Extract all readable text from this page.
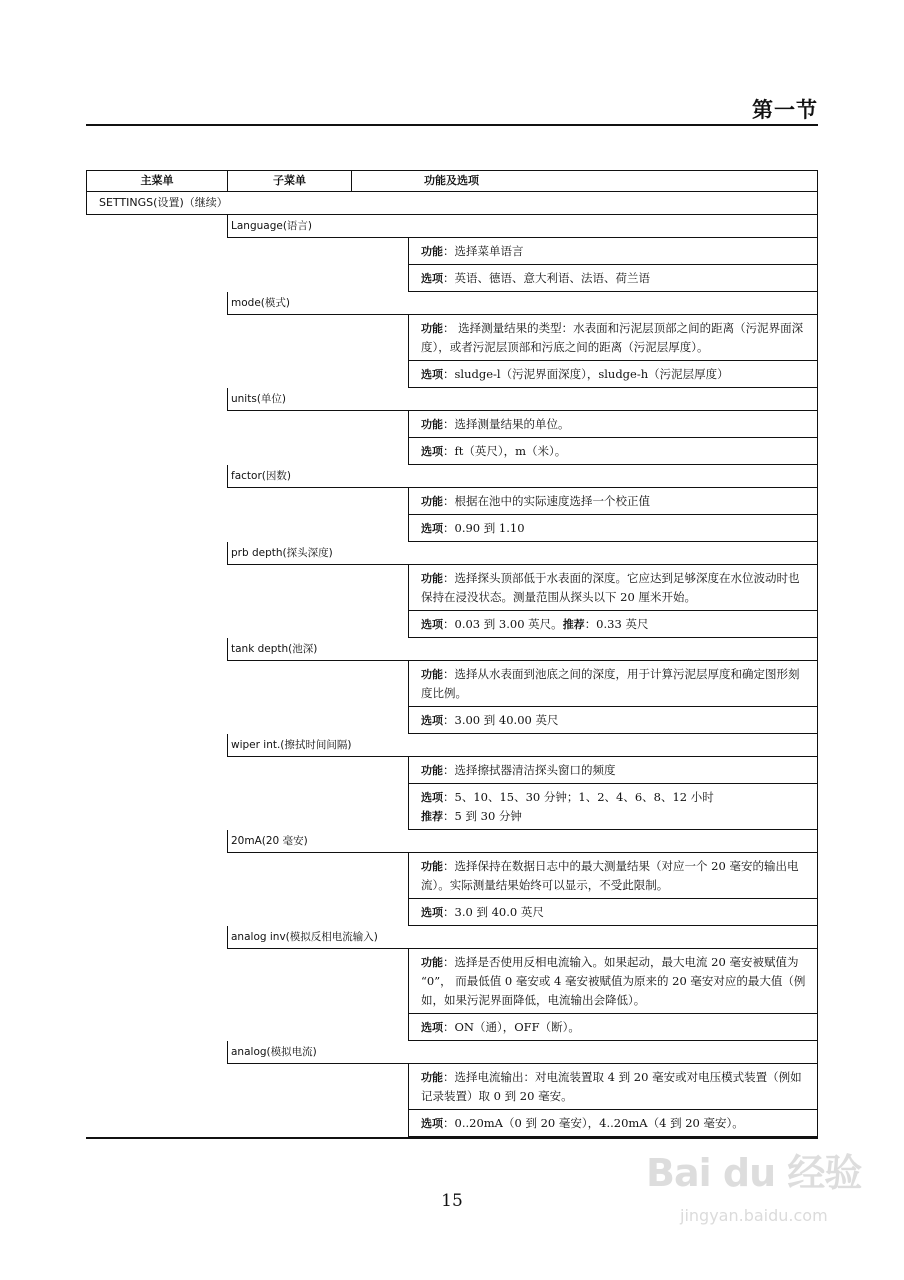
第一节
主菜单	子菜单	功能及选项
SETTINGS(设置)（继续）
Language(语言)
功能：选择菜单语言
选项：英语、德语、意大利语、法语、荷兰语
mode(模式)
功能： 选择测量结果的类型：水表面和污泥层顶部之间的距离（污泥界面深度），或者污泥层顶部和污底之间的距离（污泥层厚度）。
选项：sludge-l（污泥界面深度），sludge-h（污泥层厚度）
units(单位)
功能：选择测量结果的单位。
选项：ft（英尺），m（米）。
factor(因数)
功能：根据在池中的实际速度选择一个校正值
选项：0.90 到 1.10
prb depth(探头深度)
功能：选择探头顶部低于水表面的深度。它应达到足够深度在水位波动时也保持在浸没状态。测量范围从探头以下 20 厘米开始。
选项：0.03 到 3.00 英尺。推荐：0.33 英尺
tank depth(池深)
功能：选择从水表面到池底之间的深度，用于计算污泥层厚度和确定图形刻度比例。
选项：3.00 到 40.00 英尺
wiper int.(擦拭时间间隔)
功能：选择擦拭器清洁探头窗口的频度
选项：5、10、15、30 分钟；1、2、4、6、8、12 小时
推荐：5 到 30 分钟
20mA(20 毫安)
功能：选择保持在数据日志中的最大测量结果（对应一个 20 毫安的输出电流）。实际测量结果始终可以显示，不受此限制。
选项：3.0 到 40.0 英尺
analog inv(模拟反相电流输入)
功能：选择是否使用反相电流输入。如果起动，最大电流 20 毫安被赋值为 “0”， 而最低值 0 毫安或 4 毫安被赋值为原来的 20 毫安对应的最大值（例如，如果污泥界面降低，电流输出会降低）。
选项：ON（通），OFF（断）。
analog(模拟电流)
功能：选择电流输出：对电流装置取 4 到 20 毫安或对电压模式装置（例如记录装置）取 0 到 20 毫安。
选项：0..20mA（0 到 20 毫安），4..20mA（4 到 20 毫安）。
15
Bai du 经验
jingyan.baidu.com
